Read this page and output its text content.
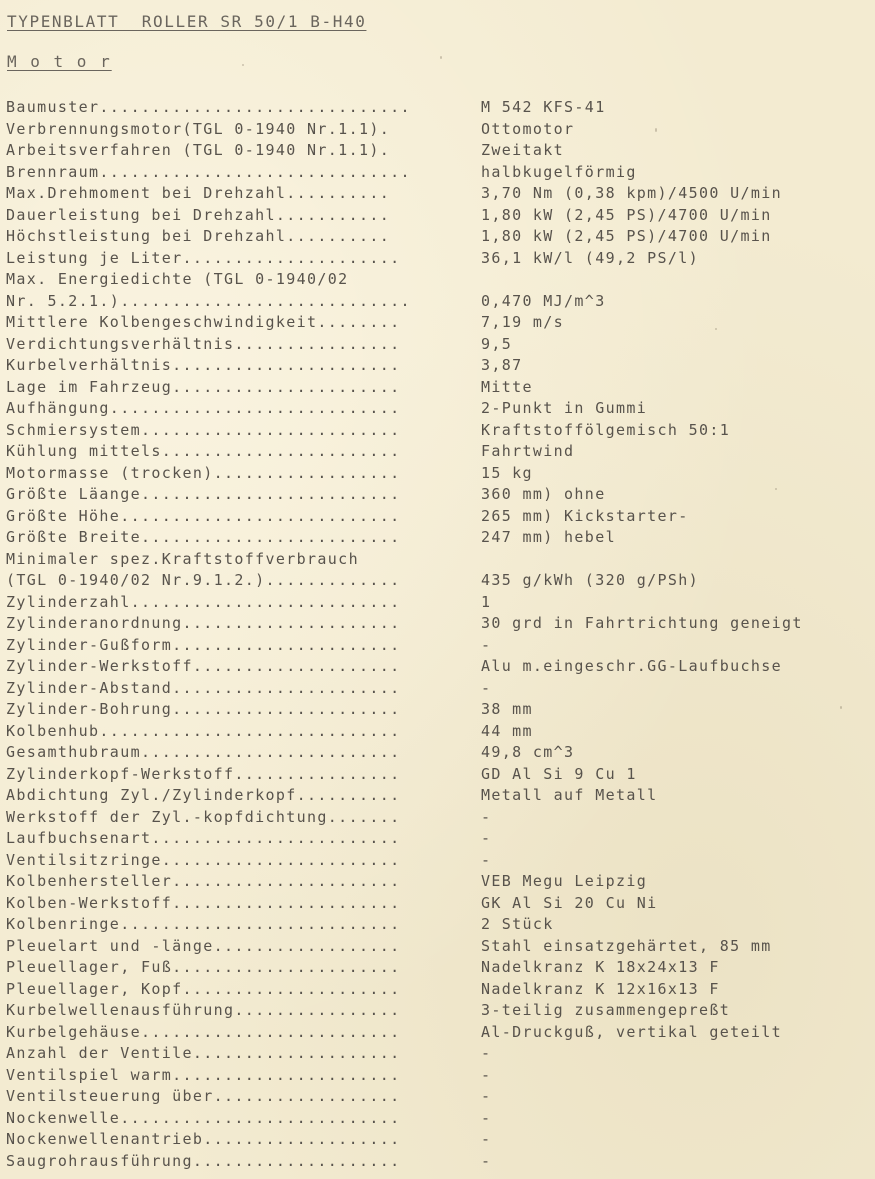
TYPENBLATT  ROLLER SR 50/1 B-H40
M o t o r
Baumuster..............................	M 542 KFS-41
Verbrennungsmotor(TGL 0-1940 Nr.1.1).	Ottomotor
Arbeitsverfahren (TGL 0-1940 Nr.1.1).	Zweitakt
Brennraum..............................	halbkugelförmig
Max.Drehmoment bei Drehzahl..........	3,70 Nm (0,38 kpm)/4500 U/min
Dauerleistung bei Drehzahl...........	1,80 kW (2,45 PS)/4700 U/min
Höchstleistung bei Drehzahl..........	1,80 kW (2,45 PS)/4700 U/min
Leistung je Liter.....................	36,1 kW/l (49,2 PS/l)
Max. Energiedichte (TGL 0-1940/02
Nr. 5.2.1.)............................	0,470 MJ/m^3
Mittlere Kolbengeschwindigkeit........	7,19 m/s
Verdichtungsverhältnis................	9,5
Kurbelverhältnis......................	3,87
Lage im Fahrzeug......................	Mitte
Aufhängung............................	2-Punkt in Gummi
Schmiersystem.........................	Kraftstoffölgemisch 50:1
Kühlung mittels.......................	Fahrtwind
Motormasse (trocken)..................	15 kg
Größte Läange.........................	360 mm) ohne
Größte Höhe...........................	265 mm) Kickstarter-
Größte Breite.........................	247 mm) hebel
Minimaler spez.Kraftstoffverbrauch
(TGL 0-1940/02 Nr.9.1.2.).............	435 g/kWh (320 g/PSh)
Zylinderzahl..........................	1
Zylinderanordnung.....................	30 grd in Fahrtrichtung geneigt
Zylinder-Gußform......................	-
Zylinder-Werkstoff....................	Alu m.eingeschr.GG-Laufbuchse
Zylinder-Abstand......................	-
Zylinder-Bohrung......................	38 mm
Kolbenhub.............................	44 mm
Gesamthubraum.........................	49,8 cm^3
Zylinderkopf-Werkstoff................	GD Al Si 9 Cu 1
Abdichtung Zyl./Zylinderkopf..........	Metall auf Metall
Werkstoff der Zyl.-kopfdichtung.......	-
Laufbuchsenart........................	-
Ventilsitzringe.......................	-
Kolbenhersteller......................	VEB Megu Leipzig
Kolben-Werkstoff......................	GK Al Si 20 Cu Ni
Kolbenringe...........................	2 Stück
Pleuelart und -länge..................	Stahl einsatzgehärtet, 85 mm
Pleuellager, Fuß......................	Nadelkranz K 18x24x13 F
Pleuellager, Kopf.....................	Nadelkranz K 12x16x13 F
Kurbelwellenausführung................	3-teilig zusammengepreßt
Kurbelgehäuse.........................	Al-Druckguß, vertikal geteilt
Anzahl der Ventile....................	-
Ventilspiel warm......................	-
Ventilsteuerung über..................	-
Nockenwelle...........................	-
Nockenwellenantrieb...................	-
Saugrohrausführung....................	-
